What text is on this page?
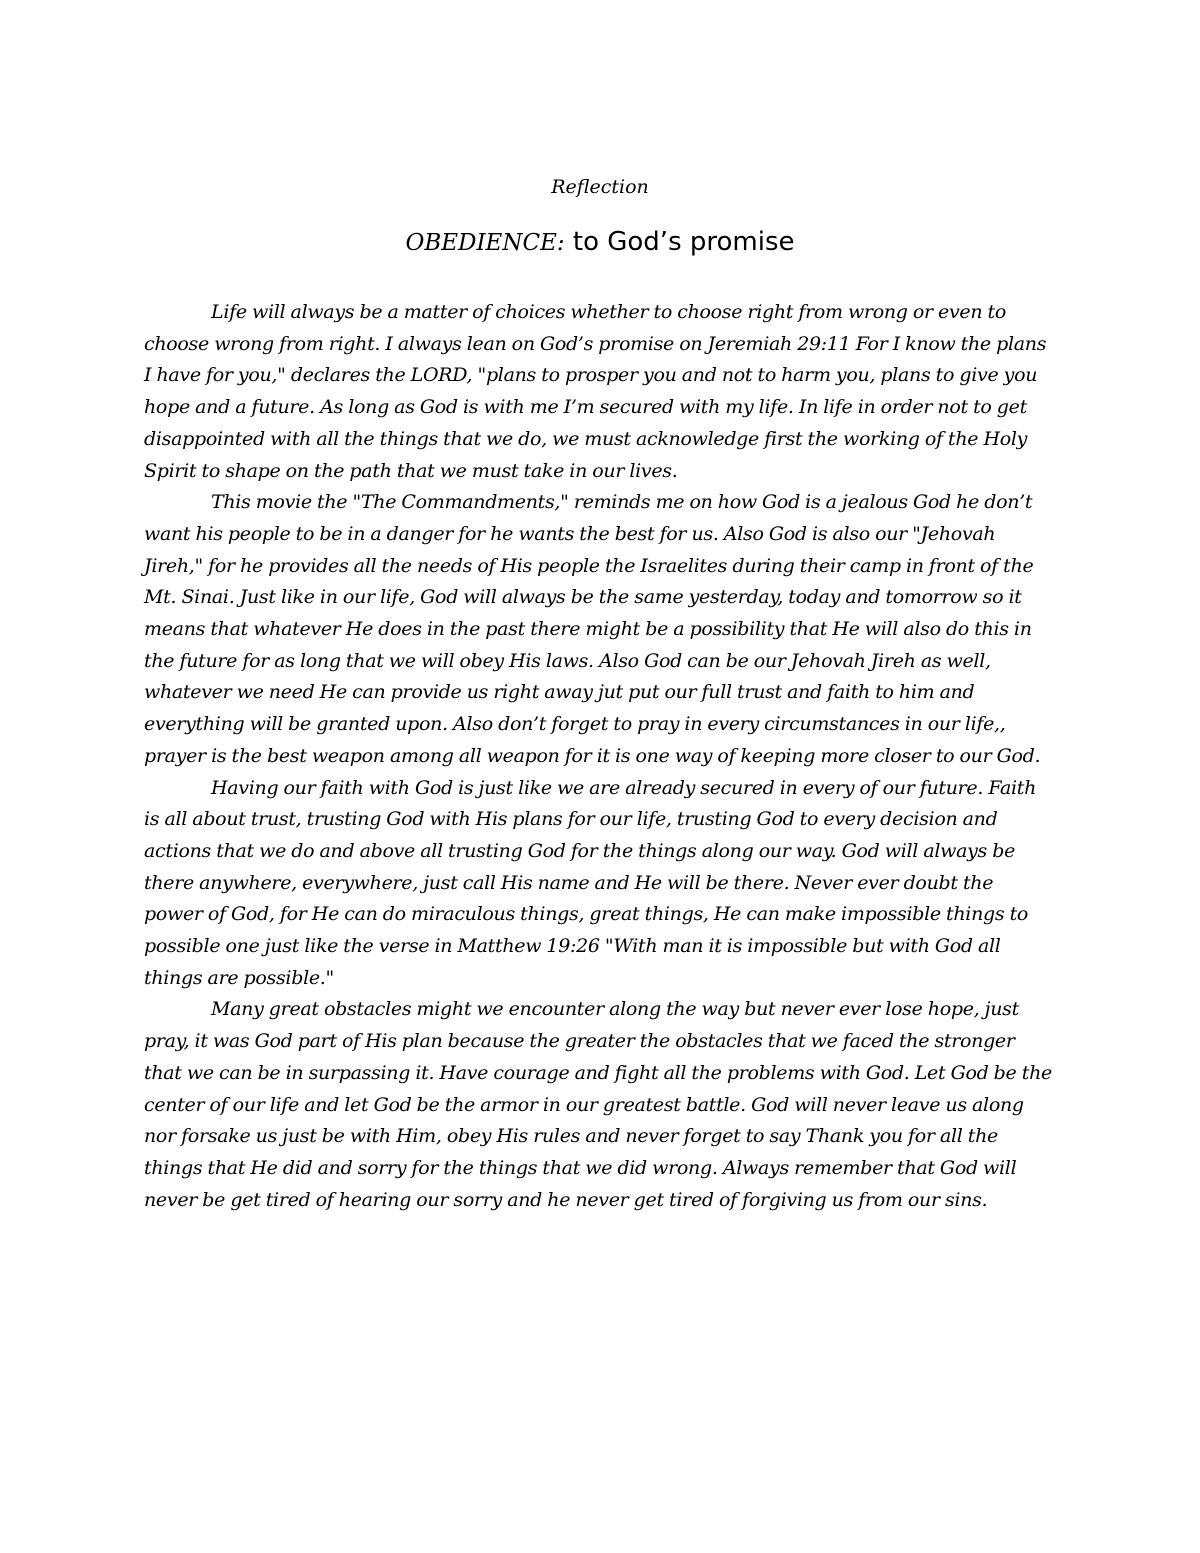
Reflection
OBEDIENCE: to God’s promise

Life will always be a matter of choices whether to choose right from wrong or even to choose wrong from right. I always lean on God’s promise on Jeremiah 29:11 For I know the plans I have for you," declares the LORD, "plans to prosper you and not to harm you, plans to give you hope and a future. As long as God is with me I’m secured with my life. In life in order not to get disappointed with all the things that we do, we must acknowledge first the working of the Holy Spirit to shape on the path that we must take in our lives.

This movie the "The Commandments," reminds me on how God is a jealous God he don’t want his people to be in a danger for he wants the best for us. Also God is also our "Jehovah Jireh," for he provides all the needs of His people the Israelites during their camp in front of the Mt. Sinai. Just like in our life, God will always be the same yesterday, today and tomorrow so it means that whatever He does in the past there might be a possibility that He will also do this in the future for as long that we will obey His laws. Also God can be our Jehovah Jireh as well, whatever we need He can provide us right away jut put our full trust and faith to him and everything will be granted upon. Also don’t forget to pray in every circumstances in our life,, prayer is the best weapon among all weapon for it is one way of keeping more closer to our God.

Having our faith with God is just like we are already secured in every of our future. Faith is all about trust, trusting God with His plans for our life, trusting God to every decision and actions that we do and above all trusting God for the things along our way. God will always be there anywhere, everywhere, just call His name and He will be there. Never ever doubt the power of God, for He can do miraculous things, great things, He can make impossible things to possible one just like the verse in Matthew 19:26 "With man it is impossible but with God all things are possible."

Many great obstacles might we encounter along the way but never ever lose hope, just pray, it was God part of His plan because the greater the obstacles that we faced the stronger that we can be in surpassing it. Have courage and fight all the problems with God. Let God be the center of our life and let God be the armor in our greatest battle. God will never leave us along nor forsake us just be with Him, obey His rules and never forget to say Thank you for all the things that He did and sorry for the things that we did wrong. Always remember that God will never be get tired of hearing our sorry and he never get tired of forgiving us from our sins.
